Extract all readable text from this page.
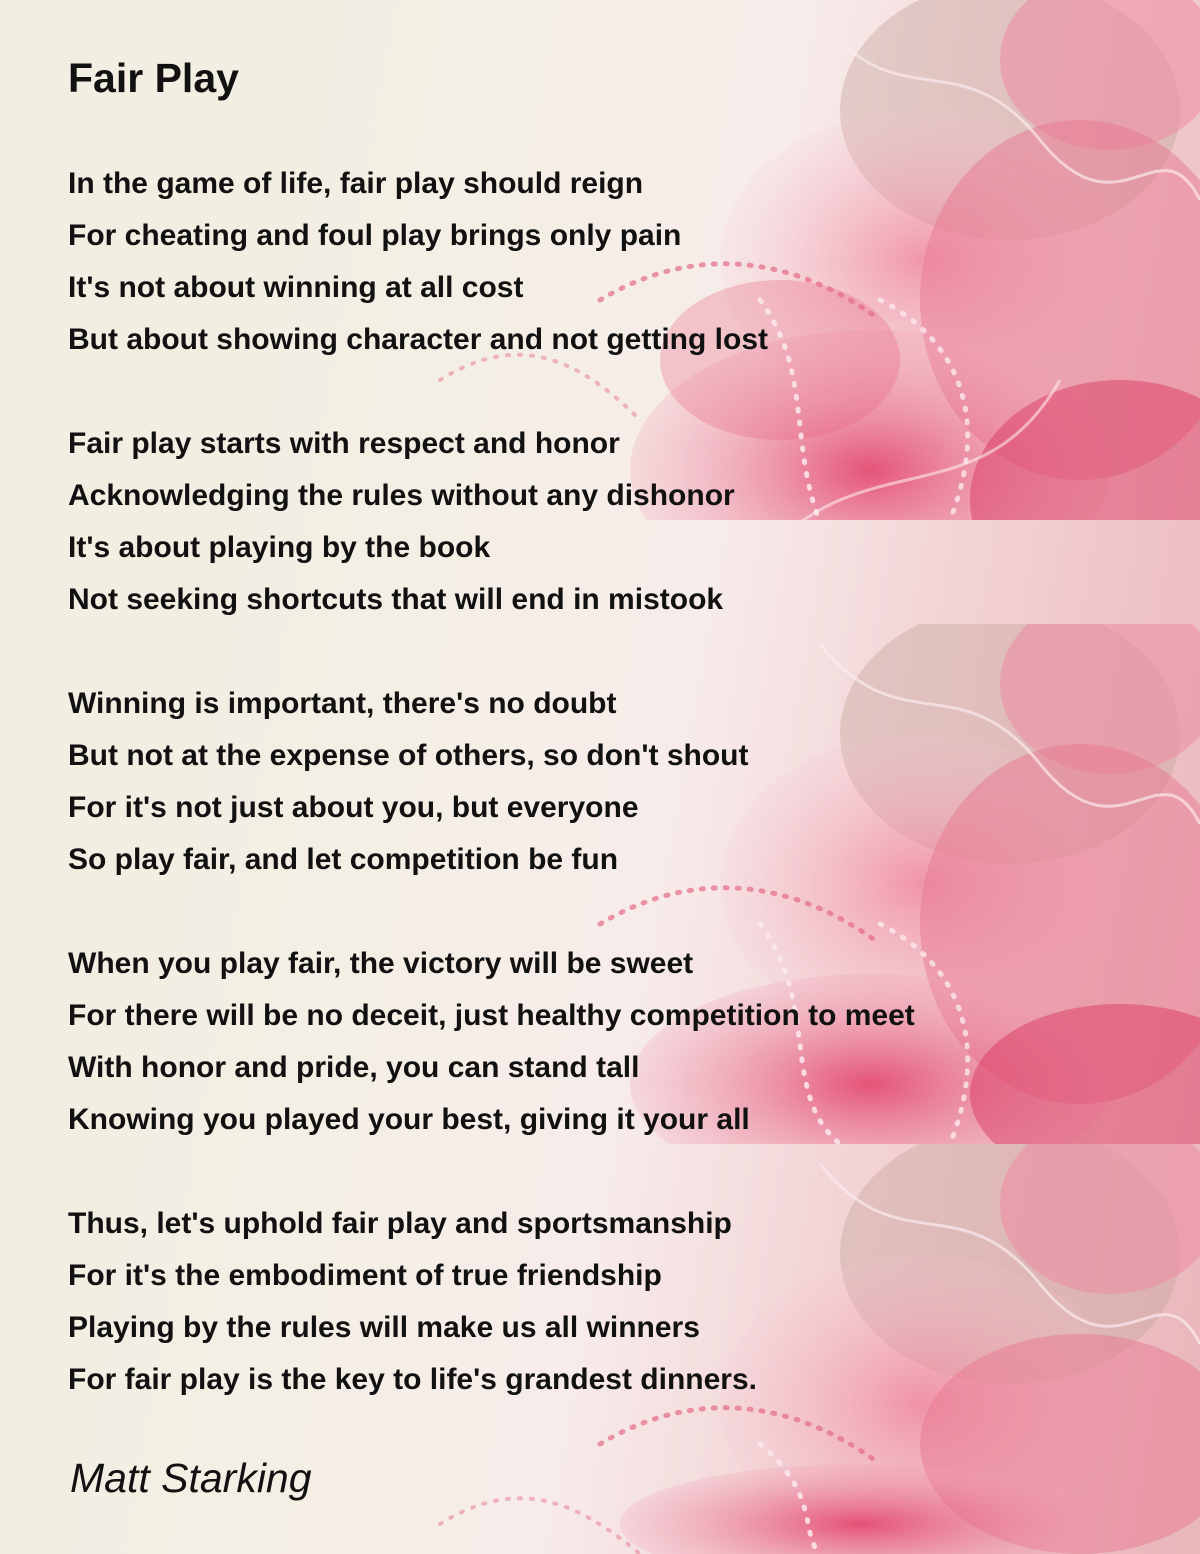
Fair Play
In the game of life, fair play should reign
For cheating and foul play brings only pain
It's not about winning at all cost
But about showing character and not getting lost
Fair play starts with respect and honor
Acknowledging the rules without any dishonor
It's about playing by the book
Not seeking shortcuts that will end in mistook
Winning is important, there's no doubt
But not at the expense of others, so don't shout
For it's not just about you, but everyone
So play fair, and let competition be fun
When you play fair, the victory will be sweet
For there will be no deceit, just healthy competition to meet
With honor and pride, you can stand tall
Knowing you played your best, giving it your all
Thus, let's uphold fair play and sportsmanship
For it's the embodiment of true friendship
Playing by the rules will make us all winners
For fair play is the key to life's grandest dinners.
Matt Starking
